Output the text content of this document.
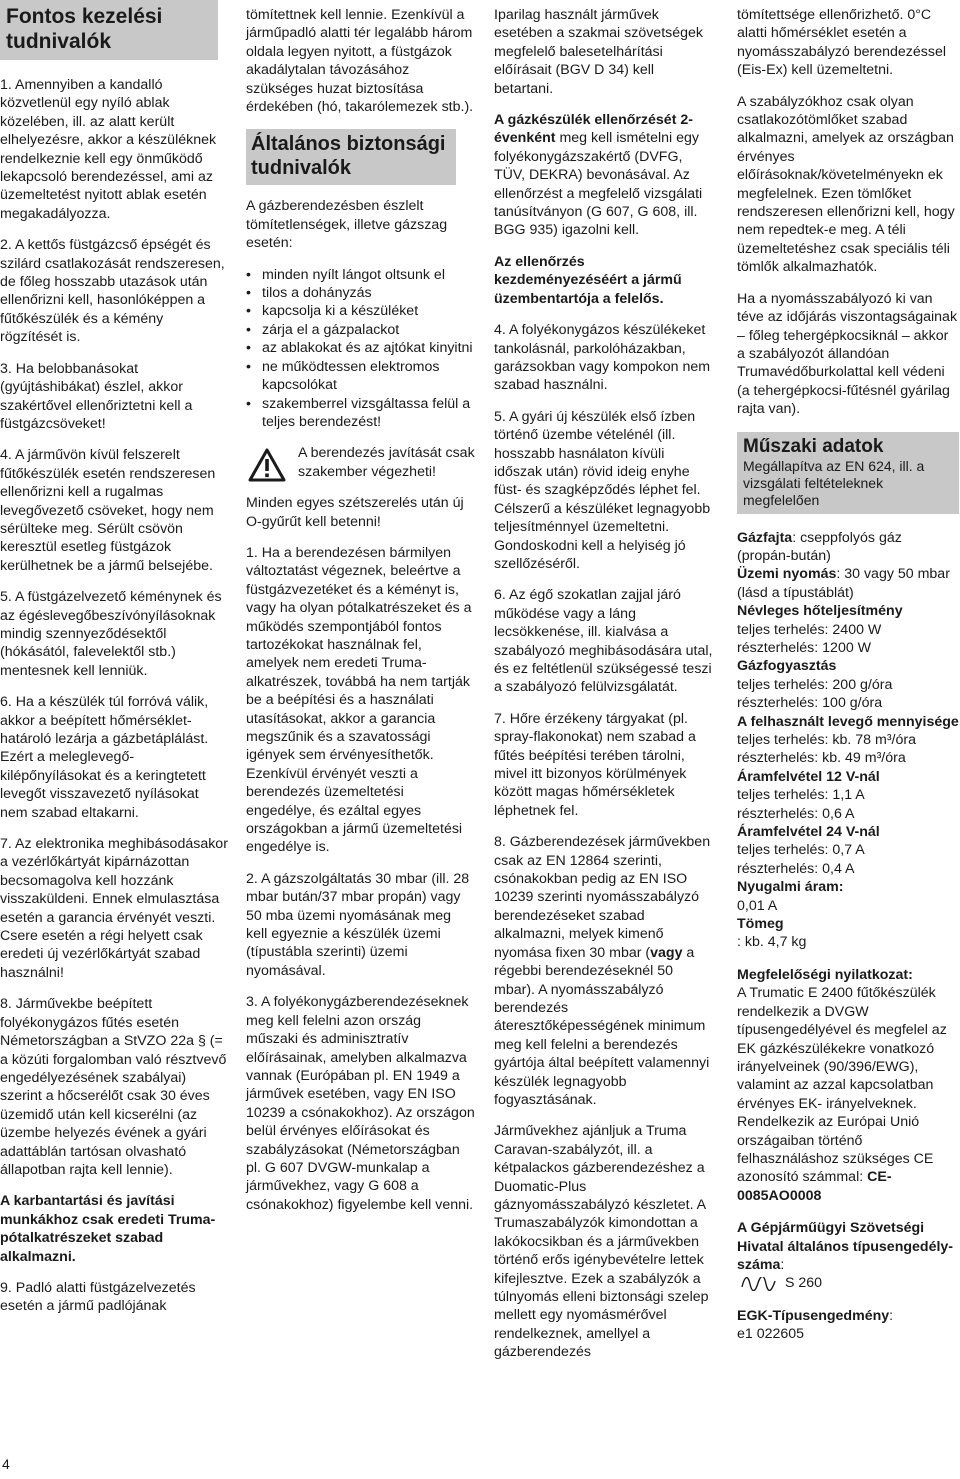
Fontos kezelési tudnivalók

1. Amennyiben a kandalló közvetlenül egy nyíló ablak közelében, ill. az alatt került elhelyezésre, akkor a készüléknek rendelkeznie kell egy önműködő lekapcsoló berendezéssel, ami az üzemeltetést nyitott ablak esetén megakadályozza.

2. A kettős füstgázcső épségét és szilárd csatlakozását rendszeresen, de főleg hosszabb utazások után ellenőrizni kell, hasonlóképpen a fűtőkészülék és a kémény rögzítését is.

3. Ha belobbanásokat (gyújtáshibákat) észlel, akkor szakértővel ellenőriztetni kell a füstgázcsöveket!

4. A járművön kívül felszerelt fűtőkészülék esetén rendszeresen ellenőrizni kell a rugalmas levegővezető csöveket, hogy nem sérülteke meg. Sérült csövön keresztül esetleg füstgázok kerülhetnek be a jármű belsejébe.

5. A füstgázelvezető kéménynek és az égéslevegőbeszívónyílásoknak mindig szennyeződésektől (hókásától, falevelektől stb.) mentesnek kell lenniük.

6. Ha a készülék túl forróvá válik, akkor a beépített hőmérséklet-határoló lezárja a gázbetáplálást. Ezért a meleglevegő-kilépőnyílásokat és a keringtetett levegőt visszavezető nyílásokat nem szabad eltakarni.

7. Az elektronika meghibásodásakor a vezérlőkártyát kipárnázottan becsomagolva kell hozzánk visszaküldeni. Ennek elmulasztása esetén a garancia érvényét veszti. Csere esetén a régi helyett csak eredeti új vezérlőkártyát szabad használni!

8. Járművekbe beépített folyékonygázos fűtés esetén Németországban a StVZO 22a § (= a közúti forgalomban való résztvevő engedélyezésének szabályai) szerint a hőcserélőt csak 30 éves üzemidő után kell kicserélni (az üzembe helyezés évének a gyári adattáblán tartósan olvasható állapotban rajta kell lennie).

A karbantartási és javítási munkákhoz csak eredeti Truma-pótalkatrészeket szabad alkalmazni.

9. Padló alatti füstgázelvezetés esetén a jármű padlójának

4

tömítettnek kell lennie. Ezenkívül a járműpadló alatti tér legalább három oldala legyen nyitott, a füstgázok akadálytalan távozásához szükséges huzat biztosítása érdekében (hó, takarólemezek stb.).

Általános biztonsági tudnivalók

A gázberendezésben észlelt tömítetlenségek, illetve gázszag esetén:

• minden nyílt lángot oltsunk el
• tilos a dohányzás
• kapcsolja ki a készüléket
• zárja el a gázpalackot
• az ablakokat és az ajtókat kinyitni
• ne működtessen elektromos kapcsolókat
• szakemberrel vizsgáltassa felül a teljes berendezést!
A berendezés javítását csak szakember végezheti!

Minden egyes szétszerelés után új O-gyűrűt kell betenni!

1. Ha a berendezésen bármilyen változtatást végeznek, beleértve a füstgázvezetéket és a kéményt is, vagy ha olyan pótalkatrészeket és a működés szempontjából fontos tartozékokat használnak fel, amelyek nem eredeti Truma-alkatrészek, továbbá ha nem tartják be a beépítési és a használati utasításokat, akkor a garancia megszűnik és a szavatossági igények sem érvényesíthetők. Ezenkívül érvényét veszti a berendezés üzemeltetési engedélye, és ezáltal egyes országokban a jármű üzemeltetési engedélye is.

2. A gázszolgáltatás 30 mbar (ill. 28 mbar bután/37 mbar propán) vagy 50 mba üzemi nyomásának meg kell egyeznie a készülék üzemi (típustábla szerinti) üzemi nyomásával.

3. A folyékonygázberendezéseknek meg kell felelni azon ország műszaki és adminisztratív előírásainak, amelyben alkalmazva vannak (Európában pl. EN 1949 a járművek esetében, vagy EN ISO 10239 a csónakokhoz). Az országon belül érvényes előírásokat és szabályzásokat (Németországban pl. G 607 DVGW-munkalap a járművekhez, vagy G 608 a csónakokhoz) figyelembe kell venni.

Iparilag használt járművek esetében a szakmai szövetségek megfelelő balesetelhárítási előírásait (BGV D 34) kell betartani.

A gázkészülék ellenőrzését 2-évenként meg kell ismételni egy folyékonygázszakértő (DVFG, TÜV, DEKRA) bevonásával. Az ellenőrzést a megfelelő vizsgálati tanúsítványon (G 607, G 608, ill. BGG 935) igazolni kell.

Az ellenőrzés kezdeményezéséért a jármű üzembentartója a felelős.

4. A folyékonygázos készülékeket tankolásnál, parkolóházakban, garázsokban vagy kompokon nem szabad használni.

5. A gyári új készülék első ízben történő üzembe vételénél (ill. hosszabb hasnálaton kívüli időszak után) rövid ideig enyhe füst- és szagképződés léphet fel. Célszerű a készüléket legnagyobb teljesítménnyel üzemeltetni. Gondoskodni kell a helyiség jó szellőzéséről.

6. Az égő szokatlan zajjal járó működése vagy a láng lecsökkenése, ill. kialvása a szabályozó meghibásodására utal, és ez feltétlenül szükségessé teszi a szabályozó felülvizsgálatát.

7. Hőre érzékeny tárgyakat (pl. spray-flakonokat) nem szabad a fűtés beépítési terében tárolni, mivel itt bizonyos körülmények között magas hőmérsékletek léphetnek fel.

8. Gázberendezések járművekben csak az EN 12864 szerinti, csónakokban pedig az EN ISO 10239 szerinti nyomásszabályzó berendezéseket szabad alkalmazni, melyek kimenő nyomása fixen 30 mbar (vagy a régebbi berendezéseknél 50 mbar). A nyomásszabályzó berendezés áteresztőképességének minimum meg kell felelni a berendezés gyártója által beépített valamennyi készülék legnagyobb fogyasztásának.

Járművekhez ajánljuk a Truma Caravan-szabályzót, ill. a kétpalackos gázberendezéshez a Duomatic-Plus gáznyomásszabályzó készletet. A Trumaszabályzók kimondottan a lakókocsikban és a járművekben történő erős igénybevételre lettek kifejlesztve. Ezek a szabályzók a túlnyomás elleni biztonsági szelep mellett egy nyomásmérővel rendelkeznek, amellyel a gázberendezés

tömítettsége ellenőrizhető. 0°C alatti hőmérséklet esetén a nyomásszabályzó berendezéssel (Eis-Ex) kell üzemeltetni.

A szabályzókhoz csak olyan csatlakozótömlőket szabad alkalmazni, amelyek az országban érvényes előírásoknak/követelményekn ek megfelelnek. Ezen tömlőket rendszeresen ellenőrizni kell, hogy nem repedtek-e meg. A téli üzemeltetéshez csak speciális téli tömlők alkalmazhatók.

Ha a nyomásszabályozó ki van téve az időjárás viszontagságainak – főleg tehergépkocsiknál – akkor a szabályozót állandóan Trumavédőburkolattal kell védeni (a tehergépkocsi-fűtésnél gyárilag rajta van).

Műszaki adatok
Megállapítva az EN 624, ill. a vizsgálati feltételeknek megfelelően

Gázfajta: cseppfolyós gáz (propán-bután)

Üzemi nyomás: 30 vagy 50 mbar

(lásd a típustáblát)

Névleges hőteljesítmény

teljes terhelés: 2400 W

részterhelés: 1200 W

Gázfogyasztás

teljes terhelés: 200 g/óra

részterhelés: 100 g/óra

A felhasznált levegő mennyisége

teljes terhelés: kb. 78 m³/óra

részterhelés: kb. 49 m³/óra

Áramfelvétel 12 V-nál

teljes terhelés: 1,1 A

részterhelés: 0,6 A

Áramfelvétel 24 V-nál

teljes terhelés: 0,7 A

részterhelés: 0,4 A

Nyugalmi áram:

0,01 A

Tömeg

: kb. 4,7 kg

Megfelelőségi nyilatkozat:

A Trumatic E 2400 fűtőkészülék rendelkezik a DVGW típusengedélyével és megfelel az EK gázkészülékekre vonatkozó irányelveinek (90/396/EWG), valamint az azzal kapcsolatban érvényes EK- irányelveknek. Rendelkezik az Európai Unió országaiban történő felhasználáshoz szükséges CE azonosító számmal: CE-0085AO0008

A Gépjárműügyi Szövetségi Hivatal általános típusengedély-száma:

S 260

EGK-Típusengedmény:

e1 022605
